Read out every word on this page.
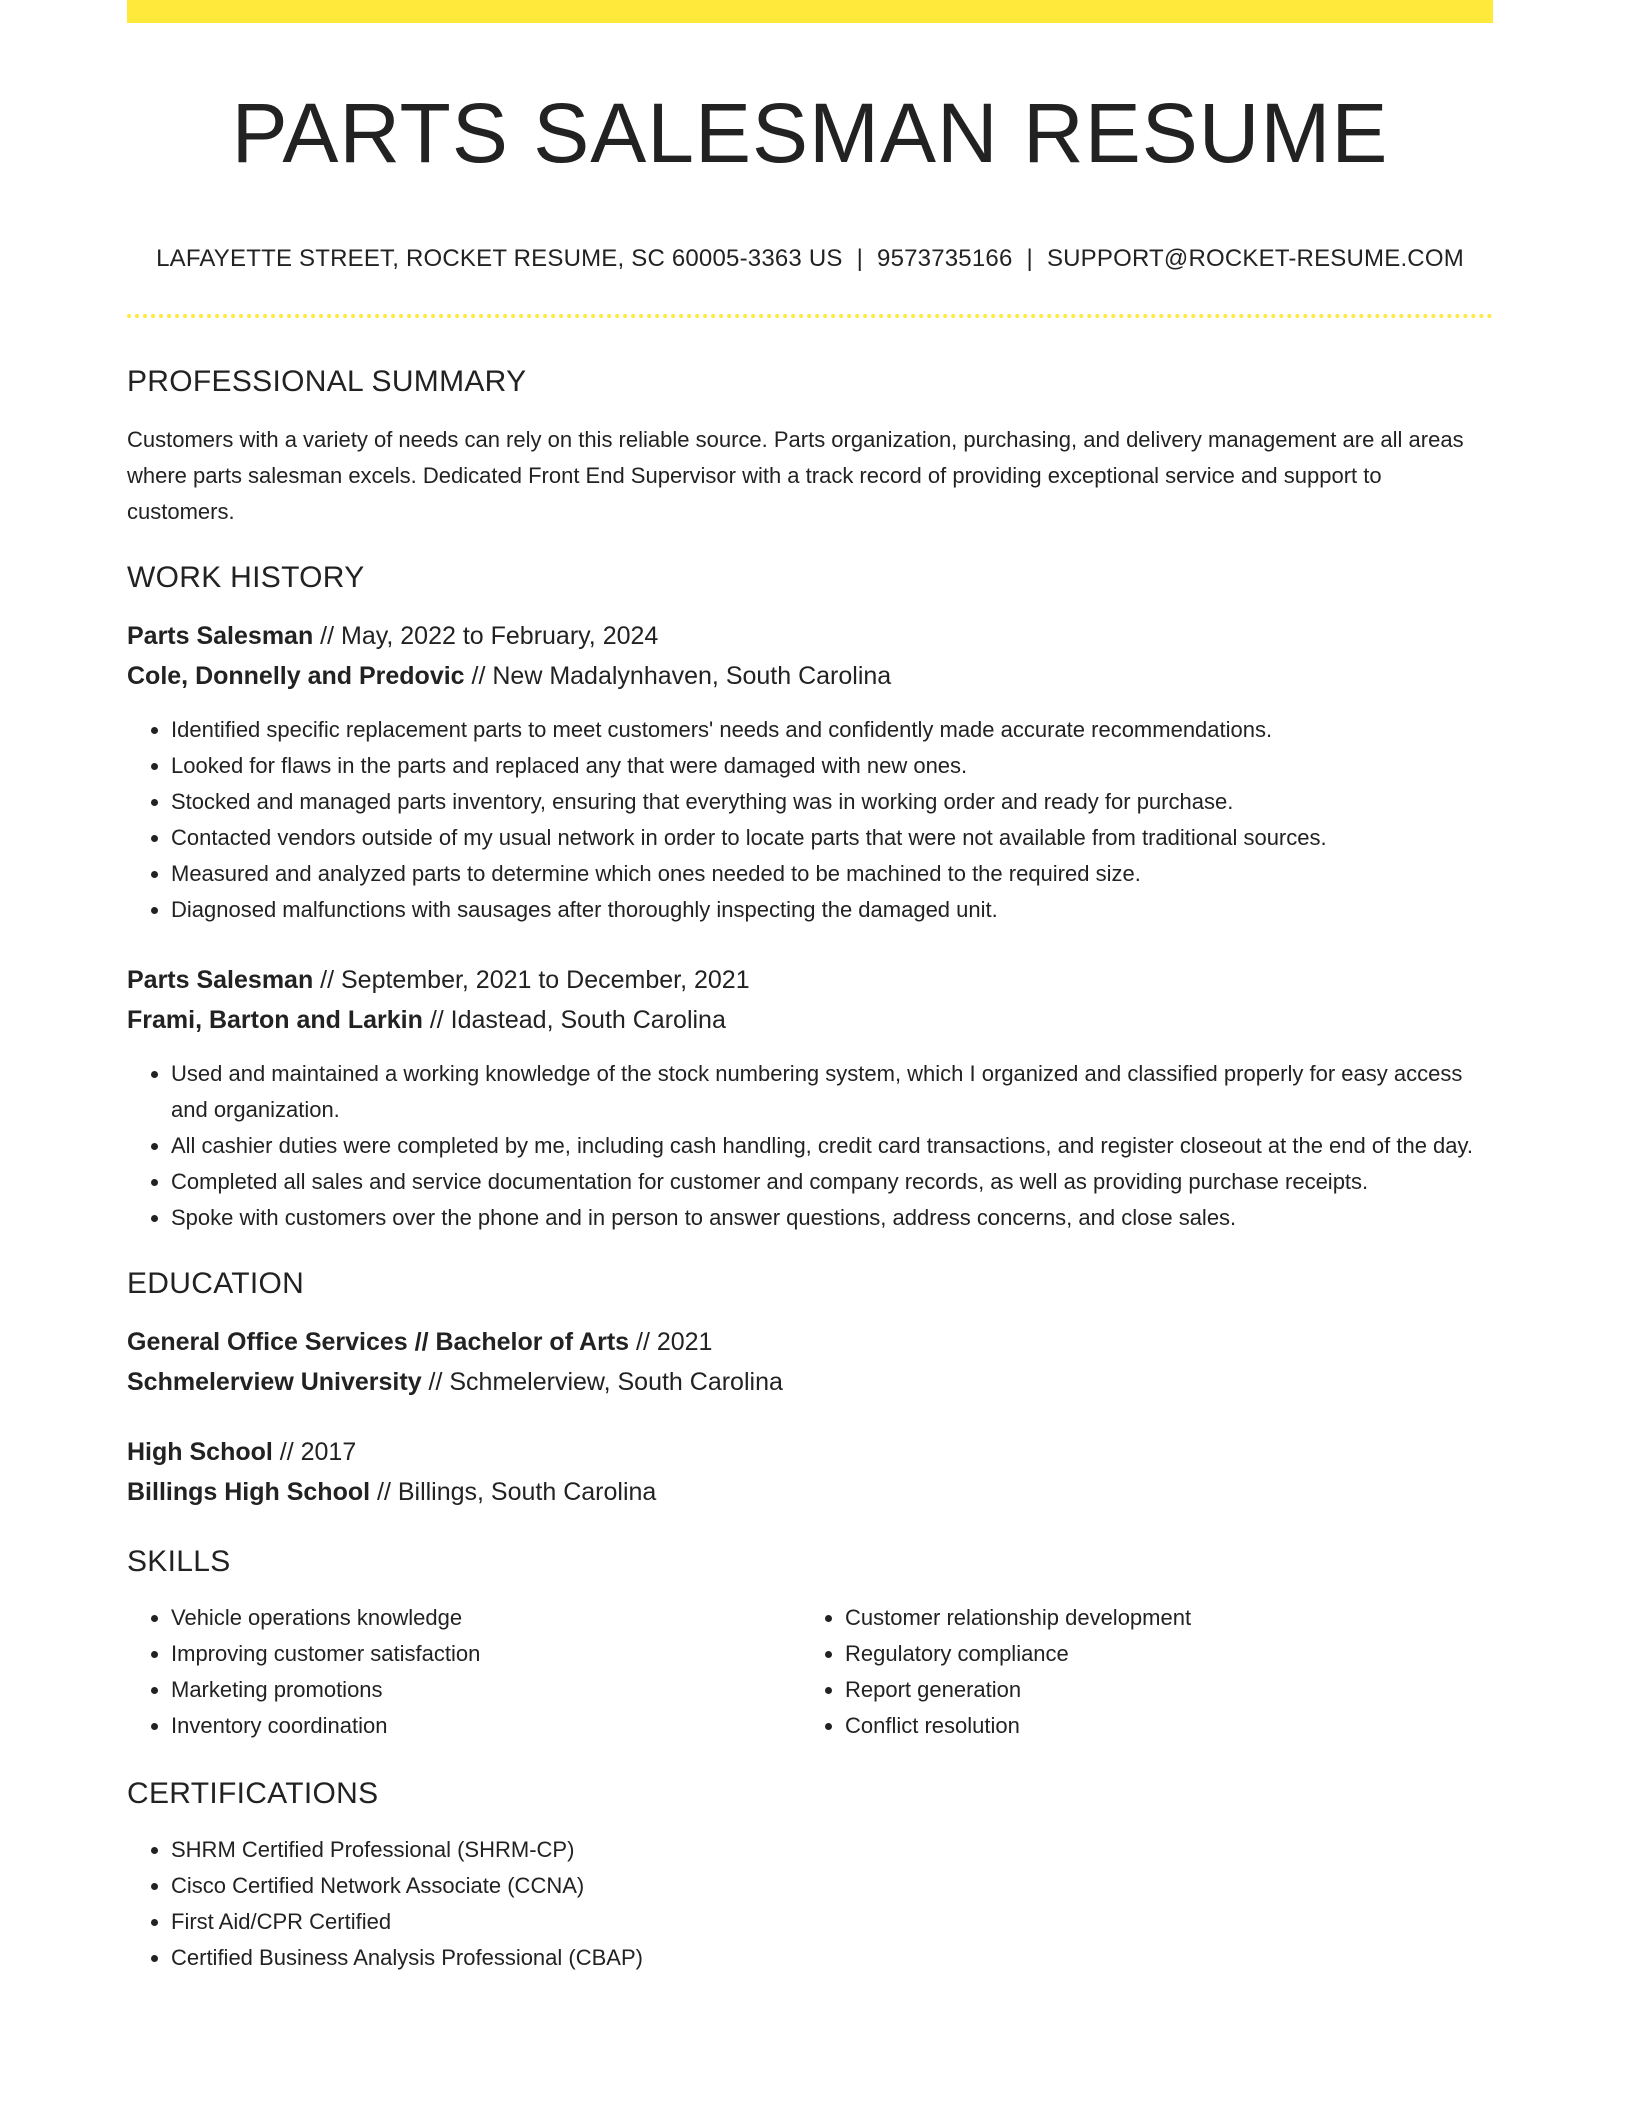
PARTS SALESMAN RESUME
LAFAYETTE STREET, ROCKET RESUME, SC 60005-3363 US | 9573735166 | SUPPORT@ROCKET-RESUME.COM
PROFESSIONAL SUMMARY
Customers with a variety of needs can rely on this reliable source. Parts organization, purchasing, and delivery management are all areas where parts salesman excels. Dedicated Front End Supervisor with a track record of providing exceptional service and support to customers.
WORK HISTORY
Parts Salesman // May, 2022 to February, 2024
Cole, Donnelly and Predovic // New Madalynhaven, South Carolina
• Identified specific replacement parts to meet customers' needs and confidently made accurate recommendations.
• Looked for flaws in the parts and replaced any that were damaged with new ones.
• Stocked and managed parts inventory, ensuring that everything was in working order and ready for purchase.
• Contacted vendors outside of my usual network in order to locate parts that were not available from traditional sources.
• Measured and analyzed parts to determine which ones needed to be machined to the required size.
• Diagnosed malfunctions with sausages after thoroughly inspecting the damaged unit.
Parts Salesman // September, 2021 to December, 2021
Frami, Barton and Larkin // Idastead, South Carolina
• Used and maintained a working knowledge of the stock numbering system, which I organized and classified properly for easy access and organization.
• All cashier duties were completed by me, including cash handling, credit card transactions, and register closeout at the end of the day.
• Completed all sales and service documentation for customer and company records, as well as providing purchase receipts.
• Spoke with customers over the phone and in person to answer questions, address concerns, and close sales.
EDUCATION
General Office Services // Bachelor of Arts // 2021
Schmelerview University // Schmelerview, South Carolina
High School // 2017
Billings High School // Billings, South Carolina
SKILLS
• Vehicle operations knowledge
• Improving customer satisfaction
• Marketing promotions
• Inventory coordination
• Customer relationship development
• Regulatory compliance
• Report generation
• Conflict resolution
CERTIFICATIONS
• SHRM Certified Professional (SHRM-CP)
• Cisco Certified Network Associate (CCNA)
• First Aid/CPR Certified
• Certified Business Analysis Professional (CBAP)
